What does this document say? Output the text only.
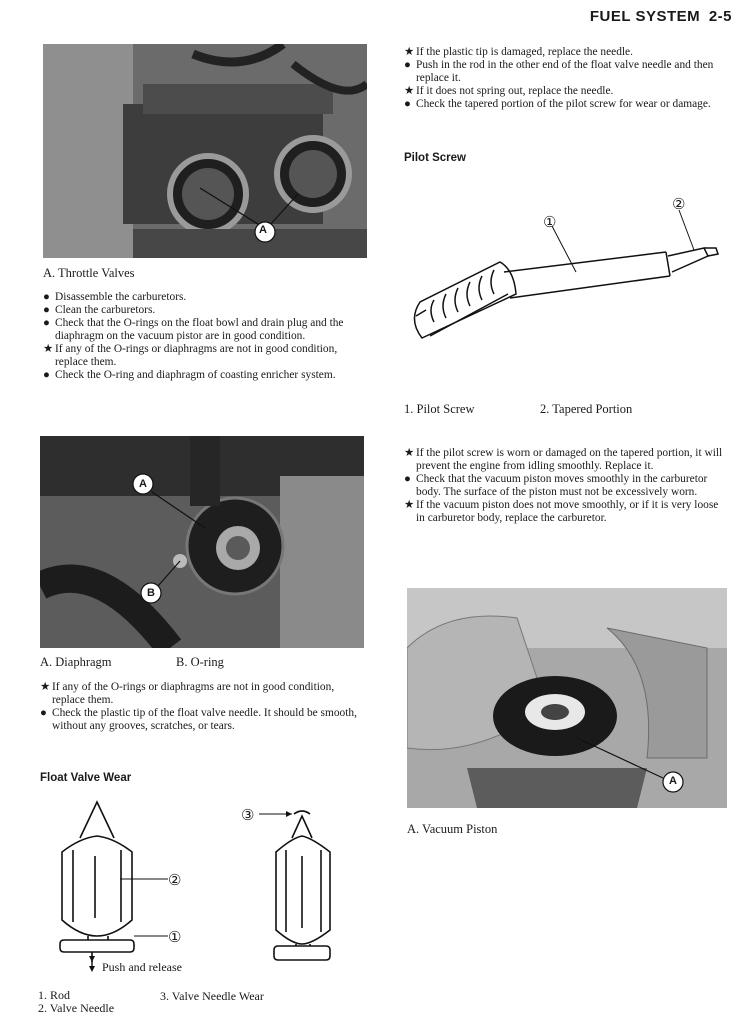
FUEL SYSTEM 2-5
A
A. Throttle Valves
● Disassemble the carburetors.
● Clean the carburetors.
● Check that the O-rings on the float bowl and drain plug and the diaphragm on the vacuum pistor are in good condition.
★ If any of the O-rings or diaphragms are not in good condition, replace them.
● Check the O-ring and diaphragm of coasting enricher system.
A
B
A. Diaphragm	B. O-ring
★ If any of the O-rings or diaphragms are not in good condition, replace them.
● Check the plastic tip of the float valve needle. It should be smooth, without any grooves, scratches, or tears.
Float Valve Wear
②
①
③
Push and release
1. Rod
2. Valve Needle
3. Valve Needle Wear
★ If the plastic tip is damaged, replace the needle.
● Push in the rod in the other end of the float valve needle and then replace it.
★ If it does not spring out, replace the needle.
● Check the tapered portion of the pilot screw for wear or damage.
Pilot Screw
①
②
1. Pilot Screw	2. Tapered Portion
★ If the pilot screw is worn or damaged on the tapered portion, it will prevent the engine from idling smoothly. Replace it.
● Check that the vacuum piston moves smoothly in the carburetor body. The surface of the piston must not be excessively worn.
★ If the vacuum piston does not move smoothly, or if it is very loose in carburetor body, replace the carburetor.
A
A. Vacuum Piston
